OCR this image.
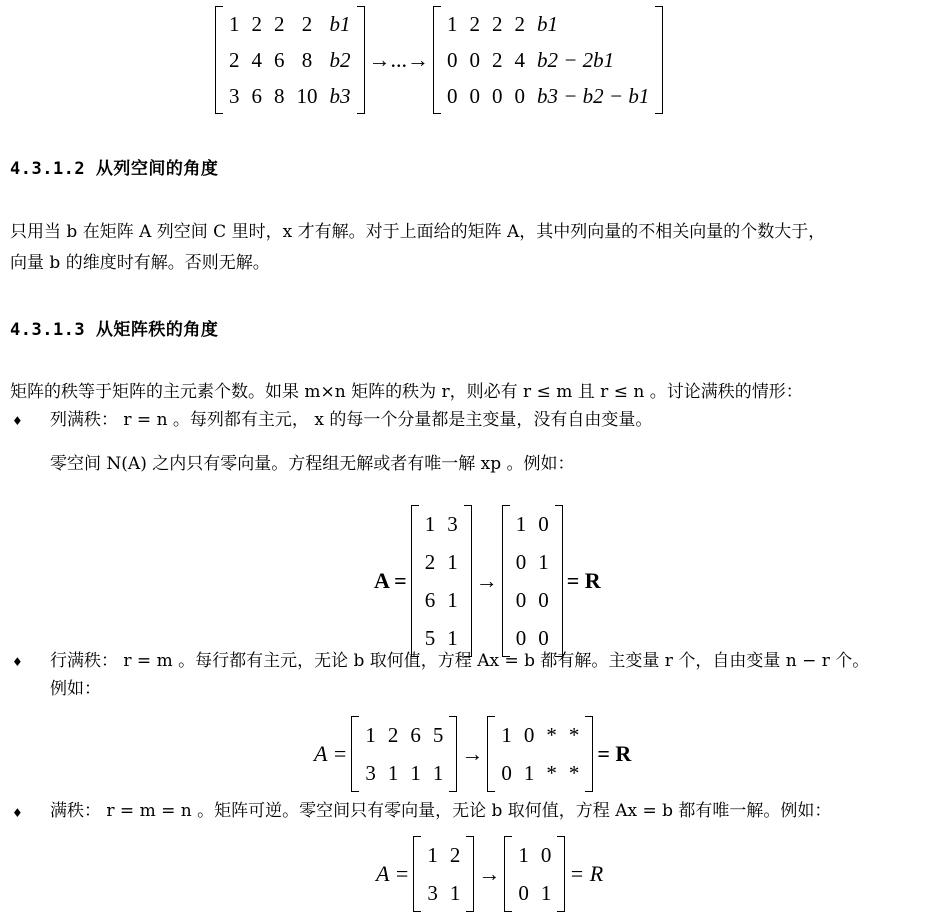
1 2 2 2 b1
2 4 6 8 b2
3 6 8 10 b3
→...→
1 2 2 2 b1
0 0 2 4 b2 − 2b1
0 0 0 0 b3 − b2 − b1
4.3.1.2 从列空间的角度
只用当 b 在矩阵 A 列空间 C 里时，x 才有解。对于上面给的矩阵 A，其中列向量的不相关向量的个数大于，
向量 b 的维度时有解。否则无解。
4.3.1.3 从矩阵秩的角度
矩阵的秩等于矩阵的主元素个数。如果 m×n 矩阵的秩为 r，则必有 r ≤ m 且 r ≤ n 。讨论满秩的情形：
♦ 列满秩： r = n 。每列都有主元， x 的每一个分量都是主变量，没有自由变量。
零空间 N(A) 之内只有零向量。方程组无解或者有唯一解 xp 。例如：
A =
1 3
2 1
6 1
5 1
→
1 0
0 1
0 0
0 0
= R
♦ 行满秩： r = m 。每行都有主元，无论 b 取何值，方程 Ax = b 都有解。主变量 r 个，自由变量 n − r 个。
例如：
A =
1 2 6 5
3 1 1 1
→
1 0 * *
0 1 * *
= R
♦ 满秩： r = m = n 。矩阵可逆。零空间只有零向量，无论 b 取何值，方程 Ax = b 都有唯一解。例如：
A =
1 2
3 1
→
1 0
0 1
= R
